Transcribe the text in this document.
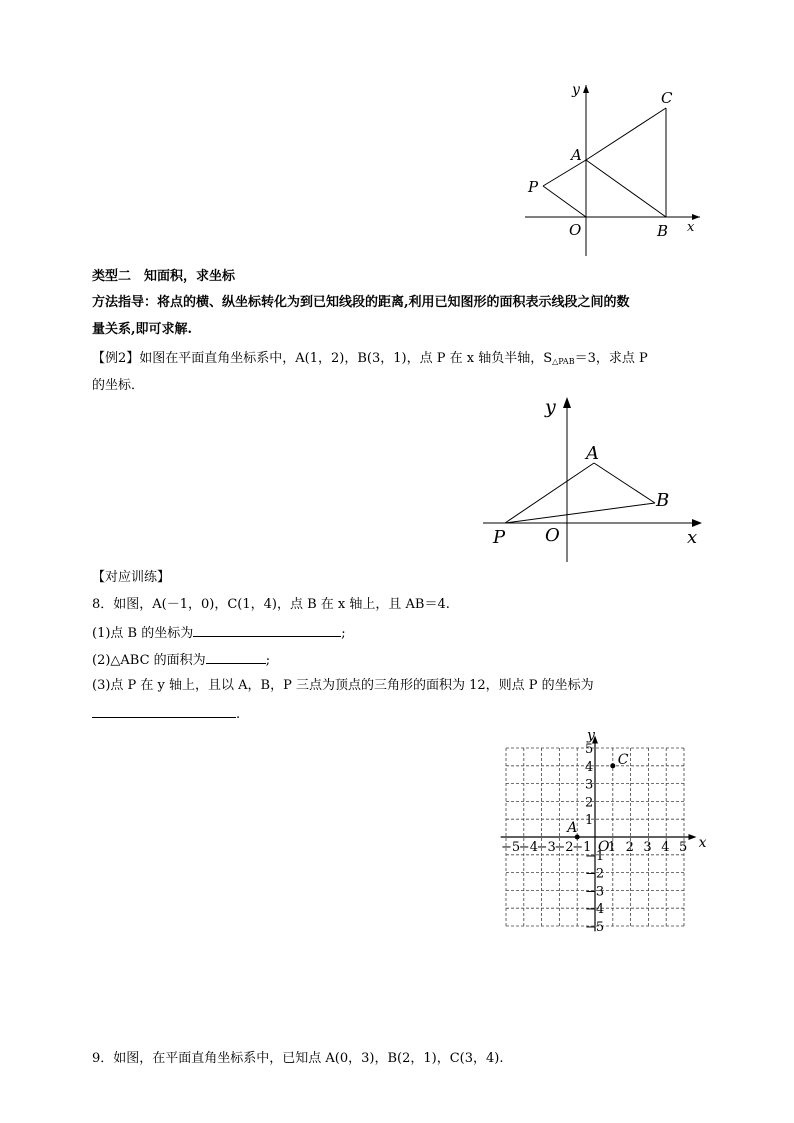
y	C
A
P
O	B x
类型二　知面积，求坐标
方法指导：将点的横、纵坐标转化为到已知线段的距离,利用已知图形的面积表示线段之间的数
量关系,即可求解.
【例2】如图在平面直角坐标系中，A(1，2)，B(3，1)，点 P 在 x 轴负半轴，$S_{\triangle PAB}=3$，求点 P
的坐标．
y
A
B
P O	x
【对应训练】
8．如图，A(－1，0)，C(1，4)，点 B 在 x 轴上，且 AB＝4.
(1)点 B 的坐标为	;
(2)△ABC 的面积为	;
(3)点 P 在 y 轴上，且以 A，B，P 三点为顶点的三角形的面积为 12，则点 P 的坐标为
.
x
y
O
−5
−4
−3
−2
−1 1 2 3 4 5
5
4
3
2
1
−1
−2
−3
−4
−5
A
C
9．如图，在平面直角坐标系中，已知点 A(0，3)，B(2，1)，C(3，4).
